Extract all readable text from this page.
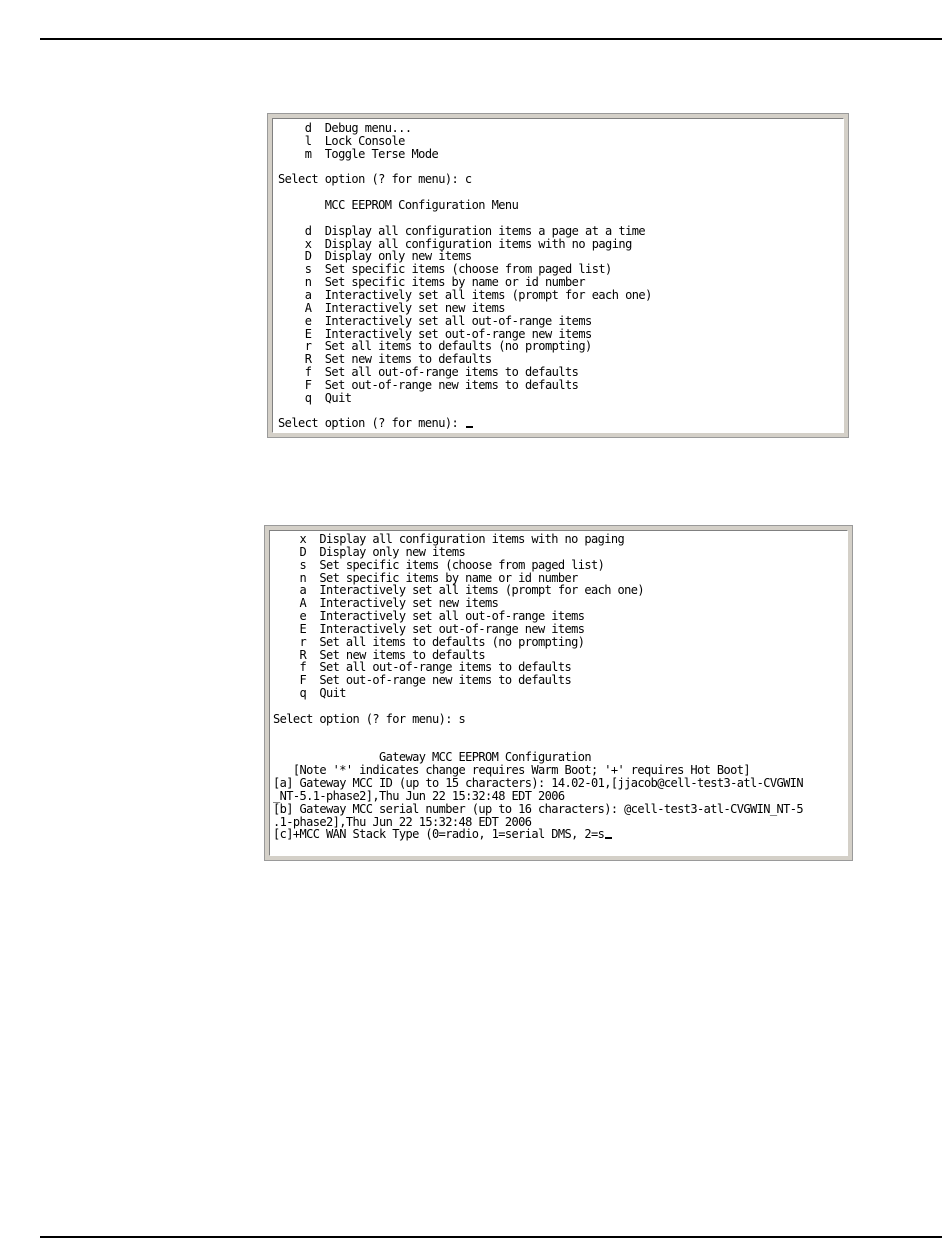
d  Debug menu...
l  Lock Console
m  Toggle Terse Mode
Select option (? for menu): c
MCC EEPROM Configuration Menu
d  Display all configuration items a page at a time
x  Display all configuration items with no paging
D  Display only new items
s  Set specific items (choose from paged list)
n  Set specific items by name or id number
a  Interactively set all items (prompt for each one)
A  Interactively set new items
e  Interactively set all out-of-range items
E  Interactively set out-of-range new items
r  Set all items to defaults (no prompting)
R  Set new items to defaults
f  Set all out-of-range items to defaults
F  Set out-of-range new items to defaults
q  Quit
Select option (? for menu):
x  Display all configuration items with no paging
D  Display only new items
s  Set specific items (choose from paged list)
n  Set specific items by name or id number
a  Interactively set all items (prompt for each one)
A  Interactively set new items
e  Interactively set all out-of-range items
E  Interactively set out-of-range new items
r  Set all items to defaults (no prompting)
R  Set new items to defaults
f  Set all out-of-range items to defaults
F  Set out-of-range new items to defaults
q  Quit
Select option (? for menu): s
Gateway MCC EEPROM Configuration
[Note '*' indicates change requires Warm Boot; '+' requires Hot Boot]
[a] Gateway MCC ID (up to 15 characters): 14.02-01,[jjacob@cell-test3-atl-CVGWIN
_NT-5.1-phase2],Thu Jun 22 15:32:48 EDT 2006
[b] Gateway MCC serial number (up to 16 characters): @cell-test3-atl-CVGWIN_NT-5
.1-phase2],Thu Jun 22 15:32:48 EDT 2006
[c]+MCC WAN Stack Type (0=radio, 1=serial DMS, 2=s
